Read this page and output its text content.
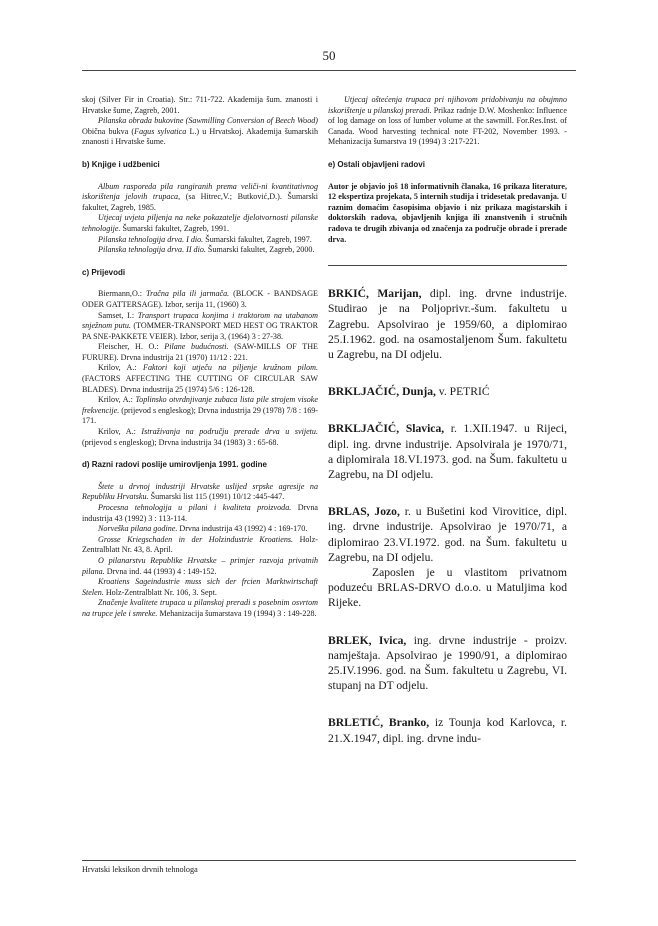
50

skoj (Silver Fir in Croatia). Str.: 711-722. Akademija šum. znanosti i Hrvatske šume, Zagreb, 2001.

Pilanska obrada bukovine (Sawmilling Conversion of Beech Wood) Obična bukva (Fagus sylvatica L.) u Hrvatskoj. Akademija šumarskih znanosti i Hrvatske šume.

b) Knjige i udžbenici

Album rasporeda pila rangiranih prema veliči-ni kvantitativnog iskorištenja jelovih trupaca, (sa Hitrec,V.; Butković,D.). Šumarski fakultet, Zagreb, 1985.

Utjecaj uvjeta piljenja na neke pokazatelje djelotvornosti pilanske tehnologije. Šumarski fakultet, Zagreb, 1991.

Pilanska tehnologija drva. I dio. Šumarski fakultet, Zagreb, 1997.

Pilanska tehnologija drva. II dio. Šumarski fakultet, Zagreb, 2000.

c) Prijevodi

Biermann,O.: Tračna pila ili jarmača. (BLOCK - BANDSAGE ODER GATTERSAGE). Izbor, serija 11, (1960) 3.

Samset, I.: Transport trupaca konjima i traktorom na utabanom snježnom putu. (TOMMER-TRANSPORT MED HEST OG TRAKTOR PA SNE-PAKKETE VEIER). Izbor, serija 3, (1964) 3 : 27-38.

Fleischer, H. O.: Pilane budućnosti. (SAW-MILLS OF THE FURURE). Drvna industrija 21 (1970) 11/12 : 221.

Krilov, A.: Faktori koji utječu na piljenje kružnom pilom. (FACTORS AFFECTING THE CUTTING OF CIRCULAR SAW BLADES). Drvna industrija 25 (1974) 5/6 : 126-128.

Krilov, A.: Toplinsko otvrdnjivanje zubaca lista pile strojem visoke frekvencije. (prijevod s engleskog); Drvna industrija 29 (1978) 7/8 : 169-171.

Krilov, A.: Istraživanja na području prerade drva u svijetu. (prijevod s engleskog); Drvna industrija 34 (1983) 3 : 65-68.

d) Razni radovi poslije umirovljenja 1991. godine

Štete u drvnoj industriji Hrvatske uslijed srpske agresije na Republiku Hrvatsku. Šumarski list 115 (1991) 10/12 :445-447.

Procesna tehnologija u pilani i kvaliteta proizvoda. Drvna industrija 43 (1992) 3 : 113-114.

Norveška pilana godine. Drvna industrija 43 (1992) 4 : 169-170.

Grosse Kriegschaden in der Holzindustrie Kroatiens. Holz-Zentralblatt Nr. 43, 8. April.

O pilanarstvu Republike Hrvatske – primjer razvoja privatnih pilana. Drvna ind. 44 (1993) 4 : 149-152.

Kroatiens Sageindustrie muss sich der frcien Marktwirtschaft Stelen. Holz-Zentralblatt Nr. 106, 3. Sept.

Značenje kvalitete trupaca u pilanskoj preradi s posebnim osvrtom na trupce jele i smreke. Mehanizacija šumarstava 19 (1994) 3 : 149-228.

Utjecaj oštećenja trupaca pri njihovom pridobivanju na obujmno iskorištenje u pilanskoj preradi. Prikaz radnje D.W. Moshenko: Influence of log damage on loss of lumber volume at the sawmill. For.Res.Inst. of Canada. Wood harvesting technical note FT-202, November 1993. - Mehanizacija šumarstva 19 (1994) 3 :217-221.

e) Ostali objavljeni radovi

Autor je objavio još 18 informativnih članaka, 16 prikaza literature, 12 ekspertiza projekata, 5 internih studija i tridesetak predavanja. U raznim domaćim časopisima objavio i niz prikaza magistarskih i doktorskih radova, objavljenih knjiga ili znanstvenih i stručnih radova te drugih zbivanja od značenja za područje obrade i prerade drva.

BRKIĆ, Marijan, dipl. ing. drvne industrije. Studirao je na Poljoprivr.-šum. fakultetu u Zagrebu. Apsolvirao je 1959/60, a diplomirao 25.I.1962. god. na osamostaljenom Šum. fakultetu u Zagrebu, na DI odjelu.

BRKLJAČIĆ, Dunja, v. PETRIĆ

BRKLJAČIĆ, Slavica, r. 1.XII.1947. u Rijeci, dipl. ing. drvne industrije. Apsolvirala je 1970/71, a diplomirala 18.VI.1973. god. na Šum. fakultetu u Zagrebu, na DI odjelu.

BRLAS, Jozo, r. u Bušetini kod Virovitice, dipl. ing. drvne industrije. Apsolvirao je 1970/71, a diplomirao 23.VI.1972. god. na Šum. fakultetu u Zagrebu, na DI odjelu.

Zaposlen je u vlastitom privatnom poduzeću BRLAS-DRVO d.o.o. u Matuljima kod Rijeke.

BRLEK, Ivica, ing. drvne industrije - proizv. namještaja. Apsolvirao je 1990/91, a diplomirao 25.IV.1996. god. na Šum. fakultetu u Zagrebu, VI. stupanj na DT odjelu.

BRLETIĆ, Branko, iz Tounja kod Karlovca, r. 21.X.1947, dipl. ing. drvne indu-

Hrvatski leksikon drvnih tehnologa
